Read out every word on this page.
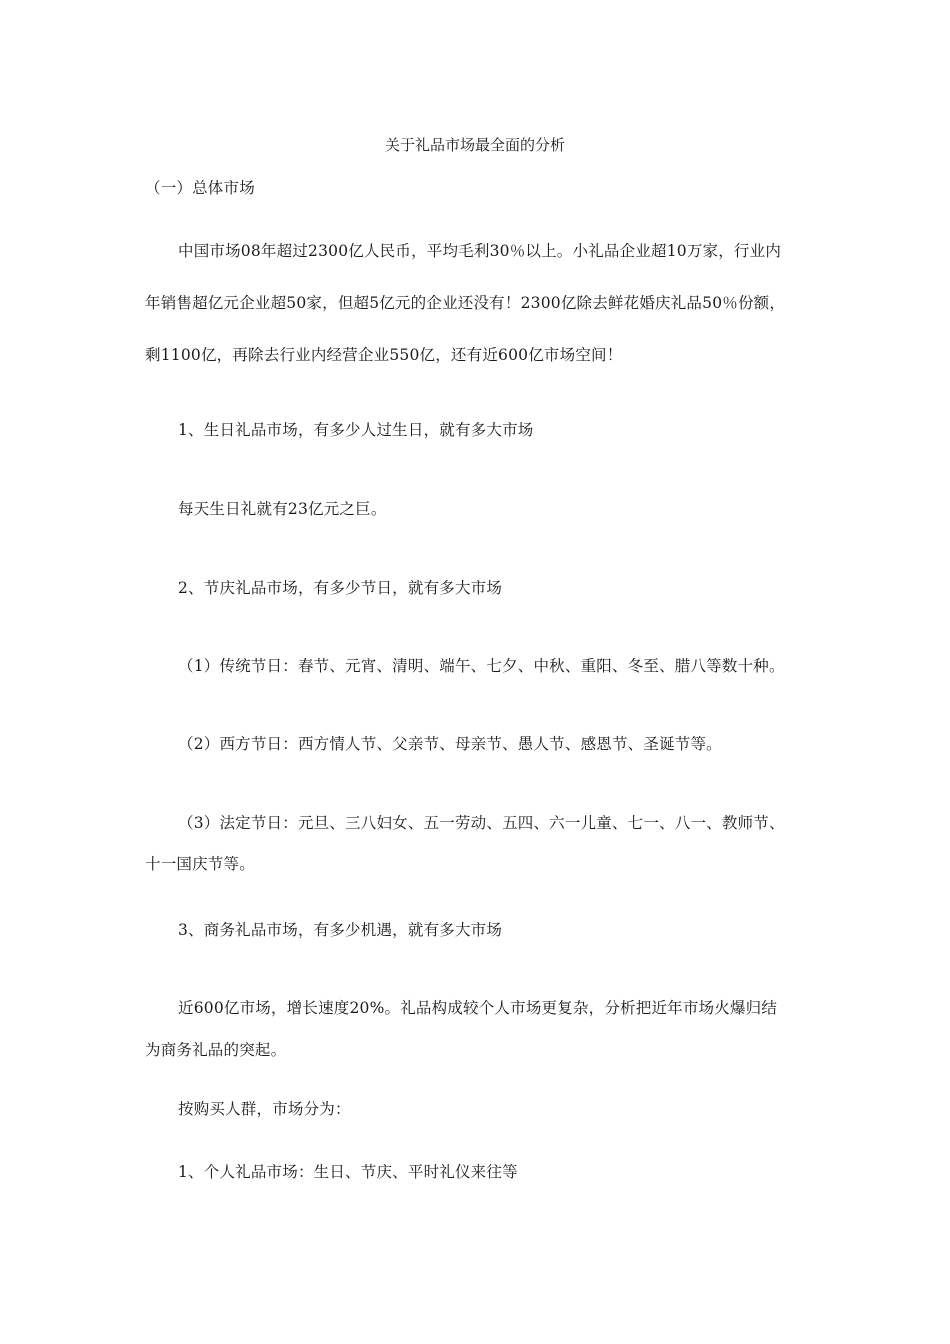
关于礼品市场最全面的分析
（一）总体市场
中国市场08年超过2300亿人民币，平均毛利30％以上。小礼品企业超10万家，行业内
年销售超亿元企业超50家，但超5亿元的企业还没有！2300亿除去鲜花婚庆礼品50％份额，
剩1100亿，再除去行业内经营企业550亿，还有近600亿市场空间！
1、生日礼品市场，有多少人过生日，就有多大市场
每天生日礼就有23亿元之巨。
2、节庆礼品市场，有多少节日，就有多大市场
（1）传统节日：春节、元宵、清明、端午、七夕、中秋、重阳、冬至、腊八等数十种。
（2）西方节日：西方情人节、父亲节、母亲节、愚人节、感恩节、圣诞节等。
（3）法定节日：元旦、三八妇女、五一劳动、五四、六一儿童、七一、八一、教师节、
十一国庆节等。
3、商务礼品市场，有多少机遇，就有多大市场
近600亿市场，增长速度20%。礼品构成较个人市场更复杂，分析把近年市场火爆归结
为商务礼品的突起。
按购买人群，市场分为：
1、个人礼品市场：生日、节庆、平时礼仪来往等
